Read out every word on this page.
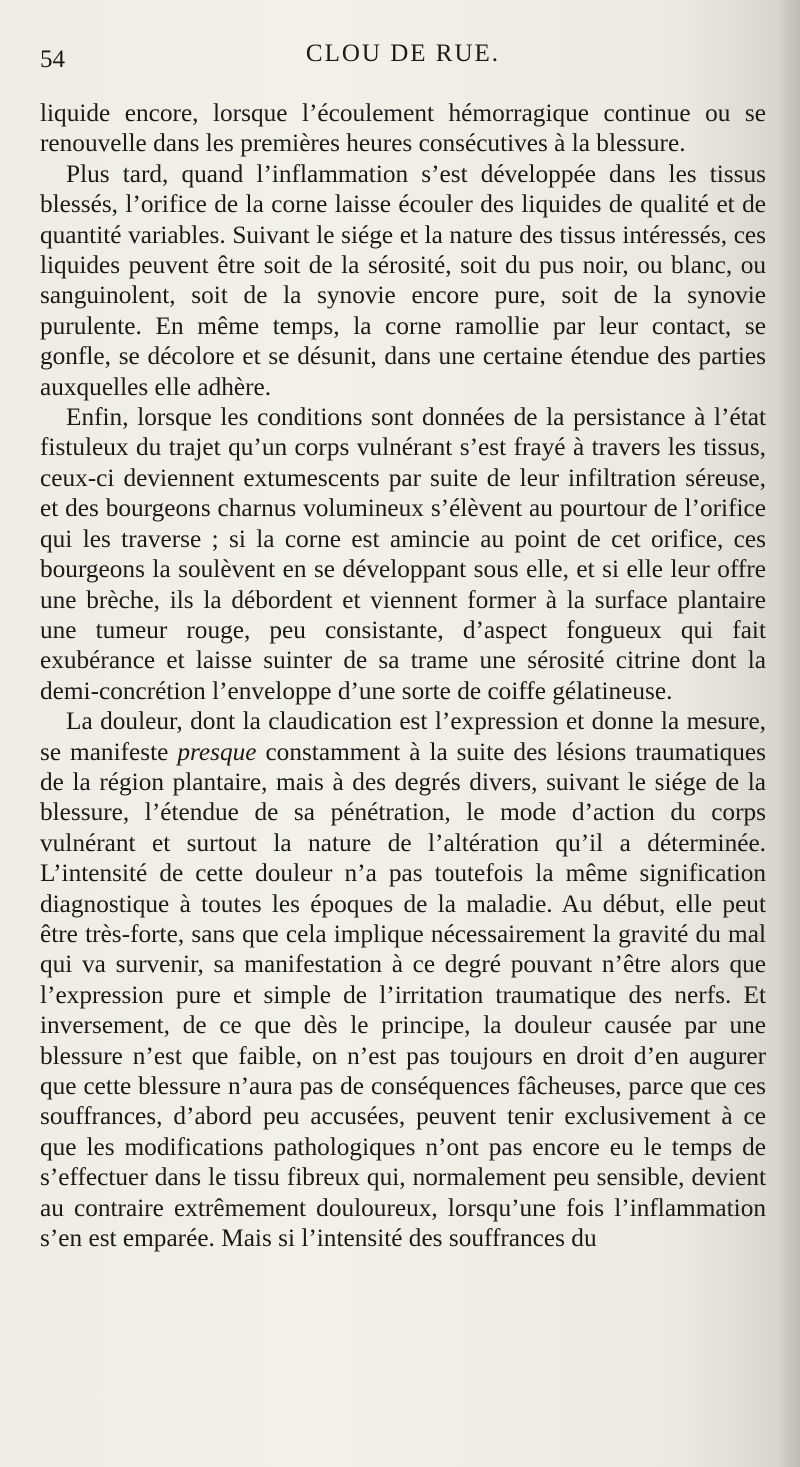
54	CLOU DE RUE.

liquide encore, lorsque l’écoulement hémorragique continue ou se renouvelle dans les premières heures consécutives à la blessure.

Plus tard, quand l’inflammation s’est développée dans les tissus blessés, l’orifice de la corne laisse écouler des liquides de qualité et de quantité variables. Suivant le siége et la nature des tissus intéressés, ces liquides peuvent être soit de la sérosité, soit du pus noir, ou blanc, ou sanguinolent, soit de la synovie encore pure, soit de la synovie purulente. En même temps, la corne ramollie par leur contact, se gonfle, se décolore et se désunit, dans une certaine étendue des parties auxquelles elle adhère.

Enfin, lorsque les conditions sont données de la persistance à l’état fistuleux du trajet qu’un corps vulnérant s’est frayé à travers les tissus, ceux-ci deviennent extumescents par suite de leur infiltration séreuse, et des bourgeons charnus volumineux s’élèvent au pourtour de l’orifice qui les traverse ; si la corne est amincie au point de cet orifice, ces bourgeons la soulèvent en se développant sous elle, et si elle leur offre une brèche, ils la débordent et viennent former à la surface plantaire une tumeur rouge, peu consistante, d’aspect fongueux qui fait exubérance et laisse suinter de sa trame une sérosité citrine dont la demi-concrétion l’enveloppe d’une sorte de coiffe gélatineuse.

La douleur, dont la claudication est l’expression et donne la mesure, se manifeste presque constamment à la suite des lésions traumatiques de la région plantaire, mais à des degrés divers, suivant le siége de la blessure, l’étendue de sa pénétration, le mode d’action du corps vulnérant et surtout la nature de l’altération qu’il a déterminée. L’intensité de cette douleur n’a pas toutefois la même signification diagnostique à toutes les époques de la maladie. Au début, elle peut être très-forte, sans que cela implique nécessairement la gravité du mal qui va survenir, sa manifestation à ce degré pouvant n’être alors que l’expression pure et simple de l’irritation traumatique des nerfs. Et inversement, de ce que dès le principe, la douleur causée par une blessure n’est que faible, on n’est pas toujours en droit d’en augurer que cette blessure n’aura pas de conséquences fâcheuses, parce que ces souffrances, d’abord peu accusées, peuvent tenir exclusivement à ce que les modifications pathologiques n’ont pas encore eu le temps de s’effectuer dans le tissu fibreux qui, normalement peu sensible, devient au contraire extrêmement douloureux, lorsqu’une fois l’inflammation s’en est emparée. Mais si l’intensité des souffrances du
